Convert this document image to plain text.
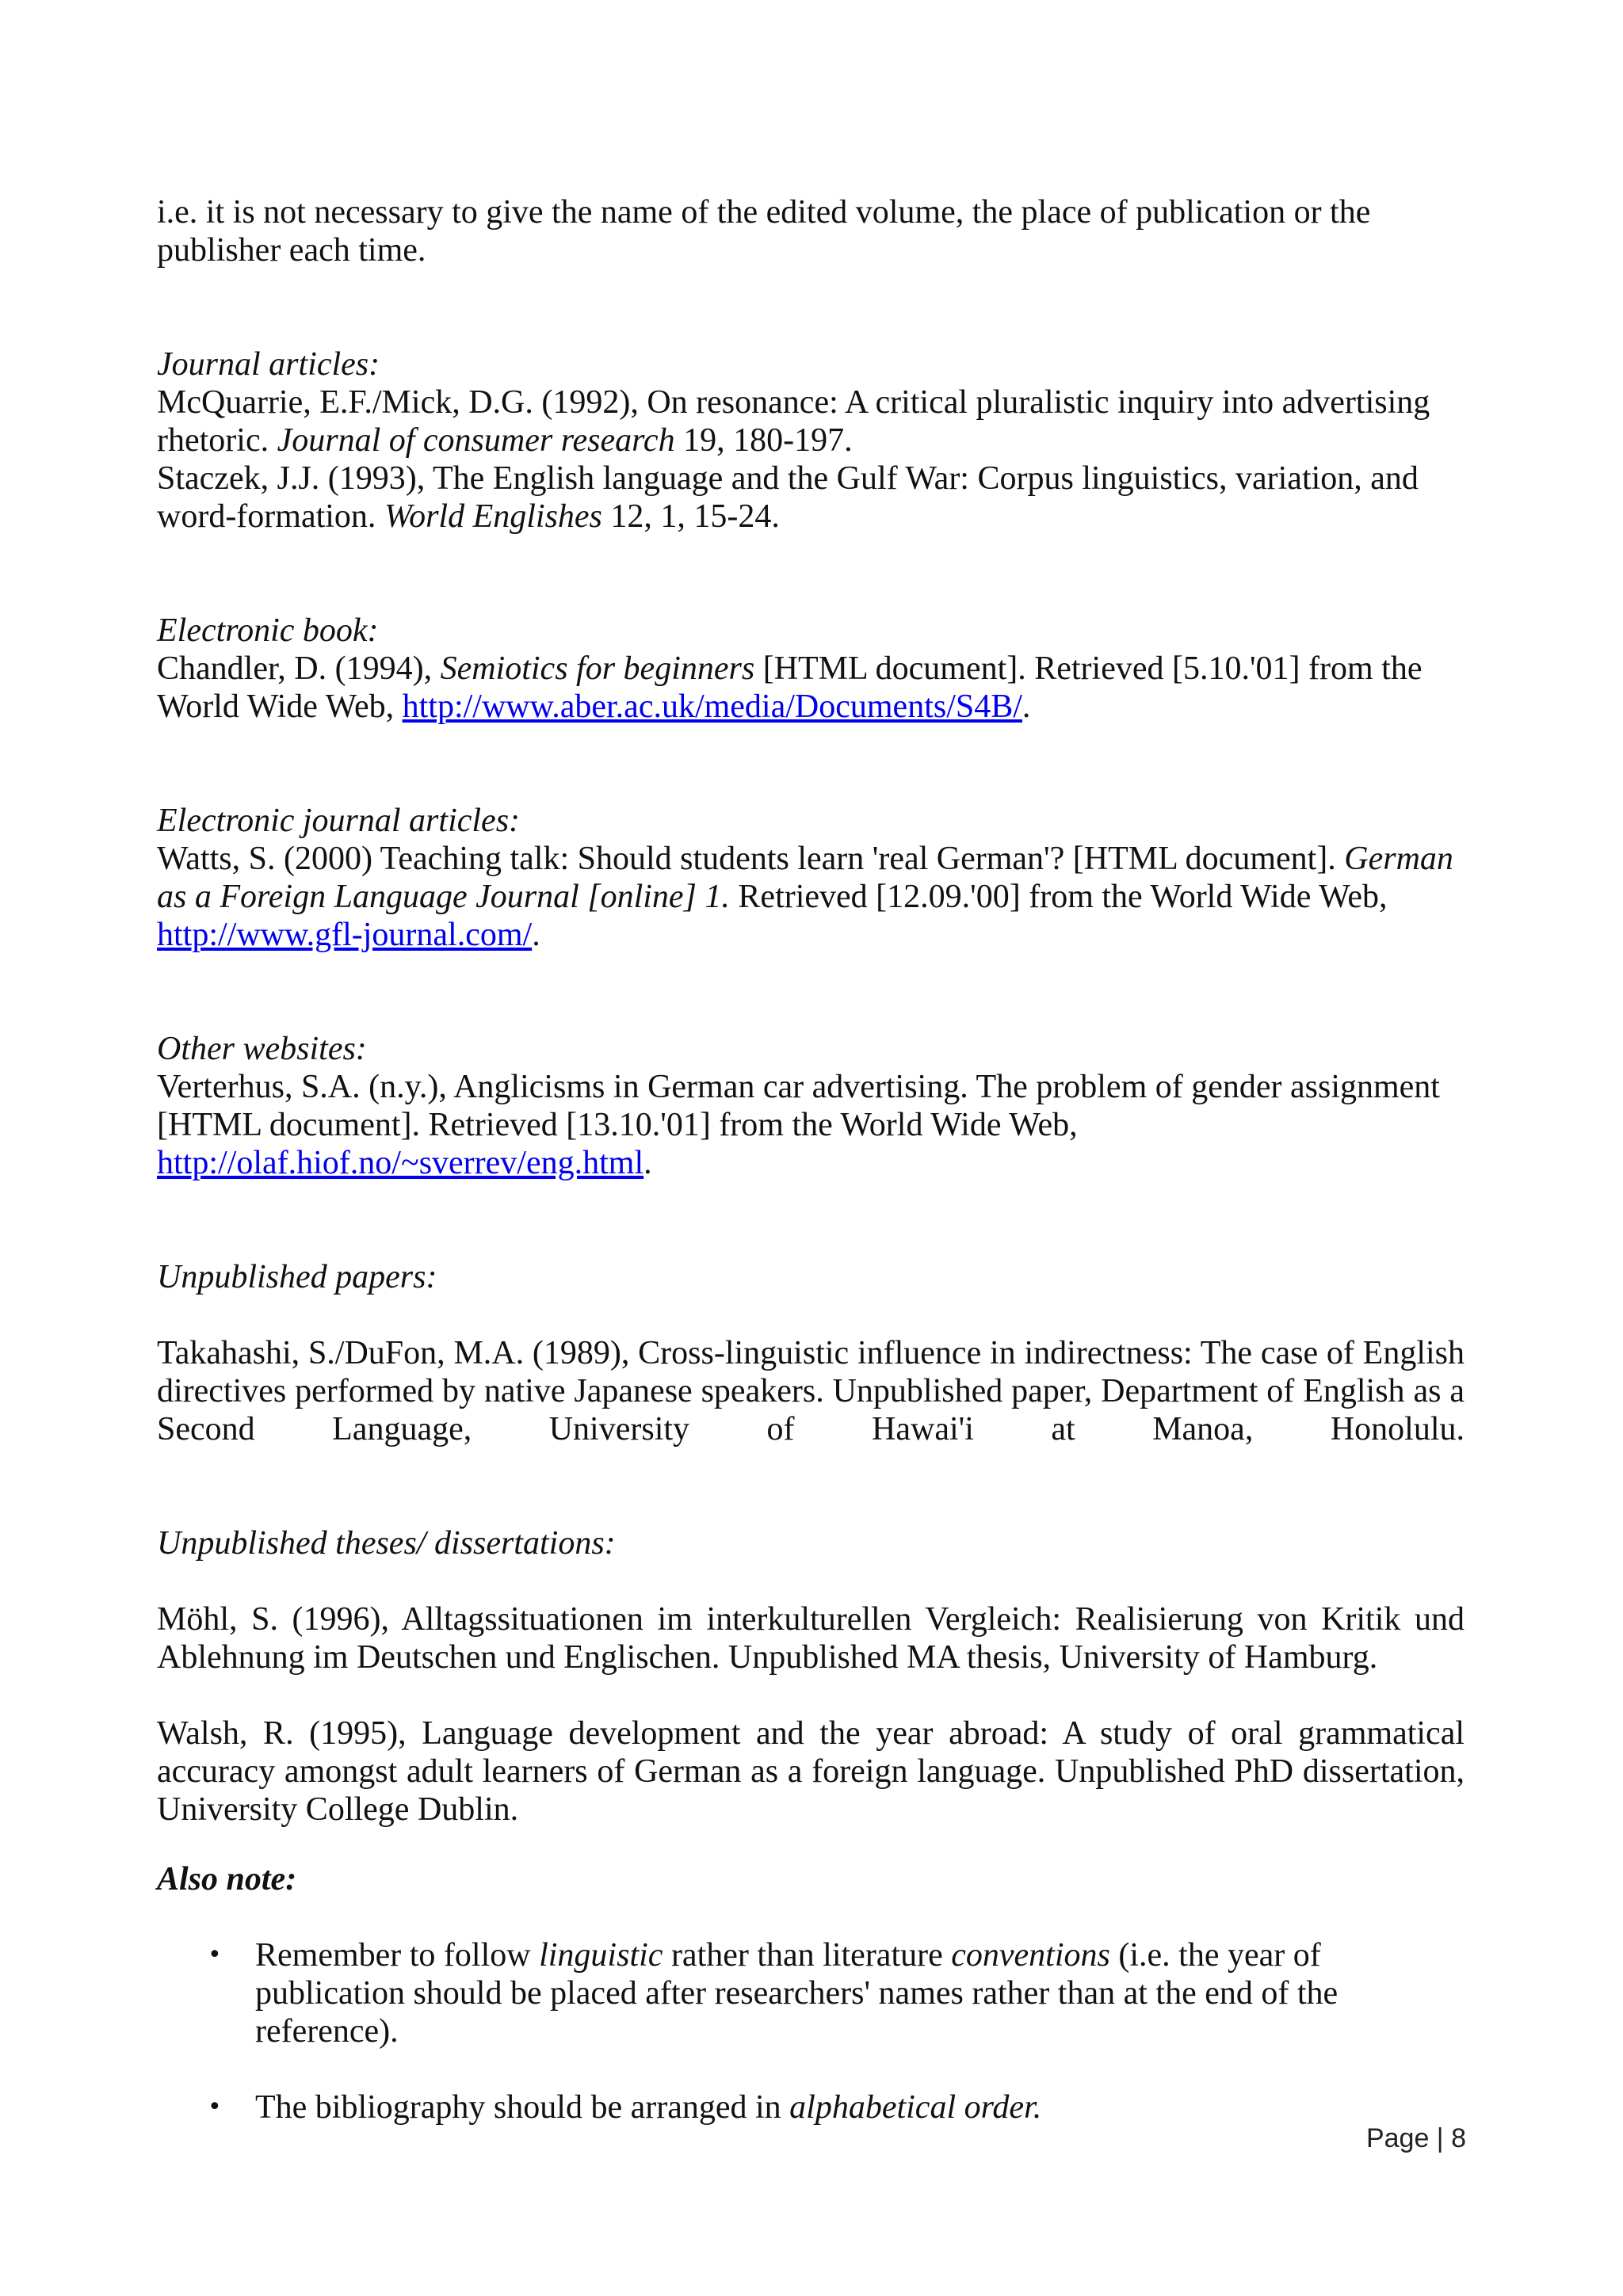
i.e. it is not necessary to give the name of the edited volume, the place of publication or the publisher each time.

Journal articles:

McQuarrie, E.F./Mick, D.G. (1992), On resonance: A critical pluralistic inquiry into advertising rhetoric. Journal of consumer research 19, 180-197.

Staczek, J.J. (1993), The English language and the Gulf War: Corpus linguistics, variation, and word-formation. World Englishes 12, 1, 15-24.

Electronic book:

Chandler, D. (1994), Semiotics for beginners [HTML document]. Retrieved [5.10.'01] from the World Wide Web, http://www.aber.ac.uk/media/Documents/S4B/.

Electronic journal articles:

Watts, S. (2000) Teaching talk: Should students learn 'real German'? [HTML document]. German as a Foreign Language Journal [online] 1. Retrieved [12.09.'00] from the World Wide Web, http://www.gfl-journal.com/.

Other websites:

Verterhus, S.A. (n.y.), Anglicisms in German car advertising. The problem of gender assignment [HTML document]. Retrieved [13.10.'01] from the World Wide Web, http://olaf.hiof.no/~sverrev/eng.html.

Unpublished papers:

Takahashi, S./DuFon, M.A. (1989), Cross-linguistic influence in indirectness: The case of English directives performed by native Japanese speakers. Unpublished paper, Department of English as a Second Language, University of Hawai'i at Manoa, Honolulu.

Unpublished theses/ dissertations:

Möhl, S. (1996), Alltagssituationen im interkulturellen Vergleich: Realisierung von Kritik und Ablehnung im Deutschen und Englischen. Unpublished MA thesis, University of Hamburg.

Walsh, R. (1995), Language development and the year abroad: A study of oral grammatical accuracy amongst adult learners of German as a foreign language. Unpublished PhD dissertation, University College Dublin.

Also note:

• Remember to follow linguistic rather than literature conventions (i.e. the year of publication should be placed after researchers' names rather than at the end of the reference).
• The bibliography should be arranged in alphabetical order.
Page | 8
